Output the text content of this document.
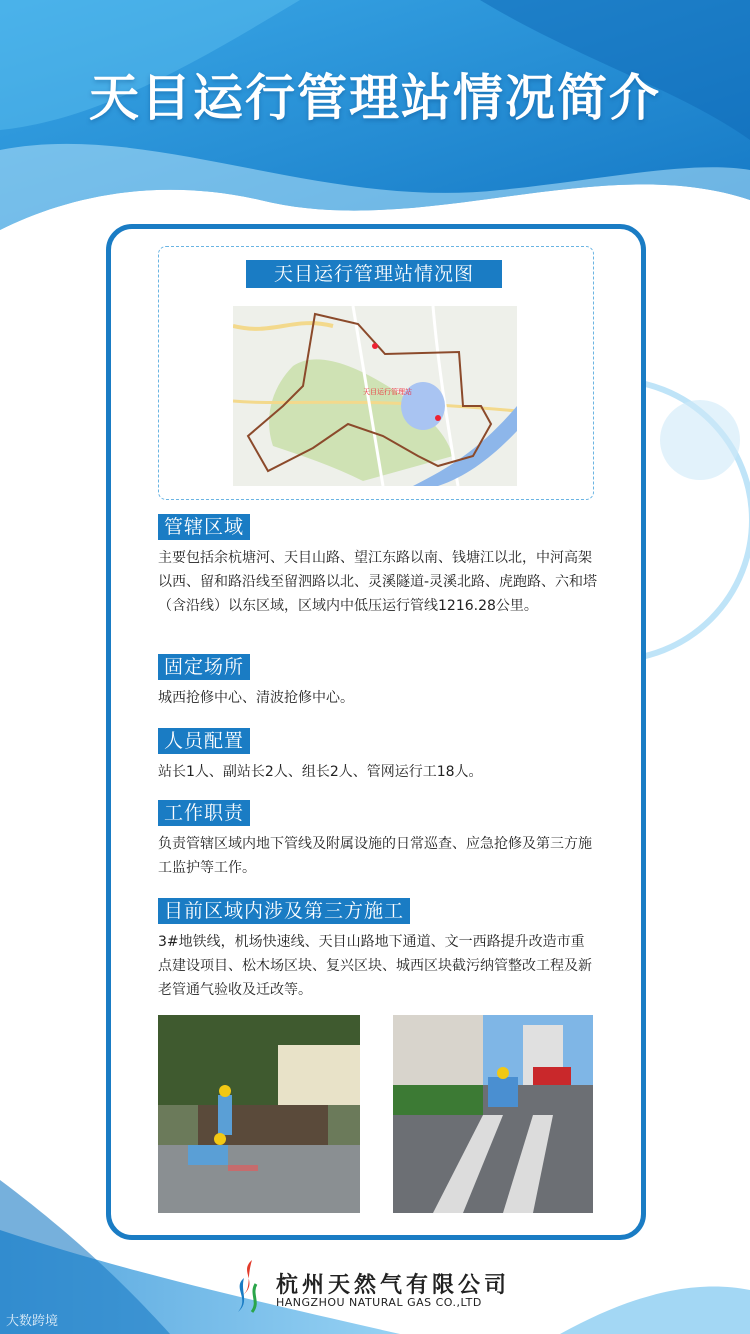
天目运行管理站情况简介
天目运行管理站情况图
天目运行管理站
管辖区域
主要包括余杭塘河、天目山路、望江东路以南、钱塘江以北，中河高架以西、留和路沿线至留泗路以北、灵溪隧道-灵溪北路、虎跑路、六和塔（含沿线）以东区域，区域内中低压运行管线1216.28公里。
固定场所
城西抢修中心、清波抢修中心。
人员配置
站长1人、副站长2人、组长2人、管网运行工18人。
工作职责
负责管辖区域内地下管线及附属设施的日常巡查、应急抢修及第三方施工监护等工作。
目前区域内涉及第三方施工
3#地铁线，机场快速线、天目山路地下通道、文一西路提升改造市重点建设项目、松木场区块、复兴区块、城西区块截污纳管整改工程及新老管通气验收及迁改等。
杭州天然气有限公司
HANGZHOU NATURAL GAS CO.,LTD
大数跨境
